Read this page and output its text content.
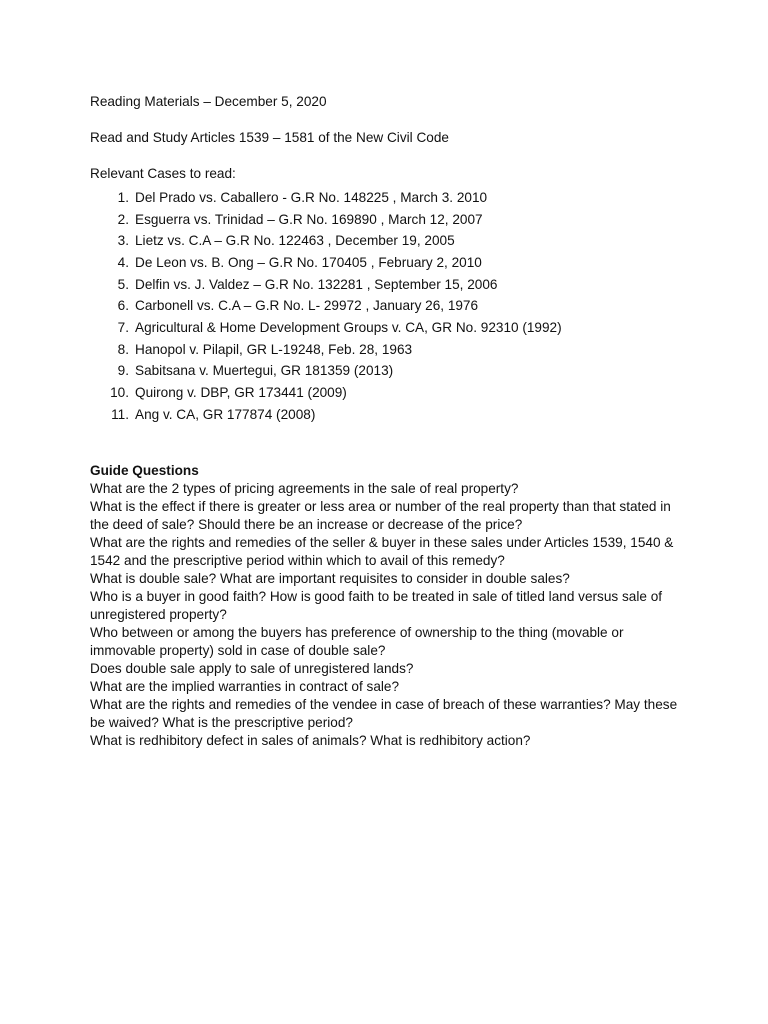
Reading Materials – December 5, 2020

Read and Study Articles 1539 – 1581 of the New Civil Code

Relevant Cases to read:

1. Del Prado vs. Caballero - G.R No. 148225 , March 3. 2010
2. Esguerra vs. Trinidad – G.R No. 169890 , March 12, 2007
3. Lietz vs. C.A – G.R No. 122463 , December 19, 2005
4. De Leon vs. B. Ong – G.R No. 170405 , February 2, 2010
5. Delfin vs. J. Valdez – G.R No. 132281 , September 15, 2006
6. Carbonell vs. C.A – G.R No. L- 29972 , January 26, 1976
7. Agricultural & Home Development Groups v. CA, GR No. 92310 (1992)
8. Hanopol v. Pilapil, GR L-19248, Feb. 28, 1963
9. Sabitsana v. Muertegui, GR 181359 (2013)
10. Quirong v. DBP, GR 173441 (2009)
11. Ang v. CA, GR 177874 (2008)

Guide Questions

What are the 2 types of pricing agreements in the sale of real property?

What is the effect if there is greater or less area or number of the real property than that stated in the deed of sale? Should there be an increase or decrease of the price?

What are the rights and remedies of the seller & buyer in these sales under Articles 1539, 1540 & 1542 and the prescriptive period within which to avail of this remedy?

What is double sale? What are important requisites to consider in double sales?

Who is a buyer in good faith? How is good faith to be treated in sale of titled land versus sale of unregistered property?

Who between or among the buyers has preference of ownership to the thing (movable or immovable property) sold in case of double sale?

Does double sale apply to sale of unregistered lands?

What are the implied warranties in contract of sale?

What are the rights and remedies of the vendee in case of breach of these warranties? May these be waived? What is the prescriptive period?

What is redhibitory defect in sales of animals? What is redhibitory action?
